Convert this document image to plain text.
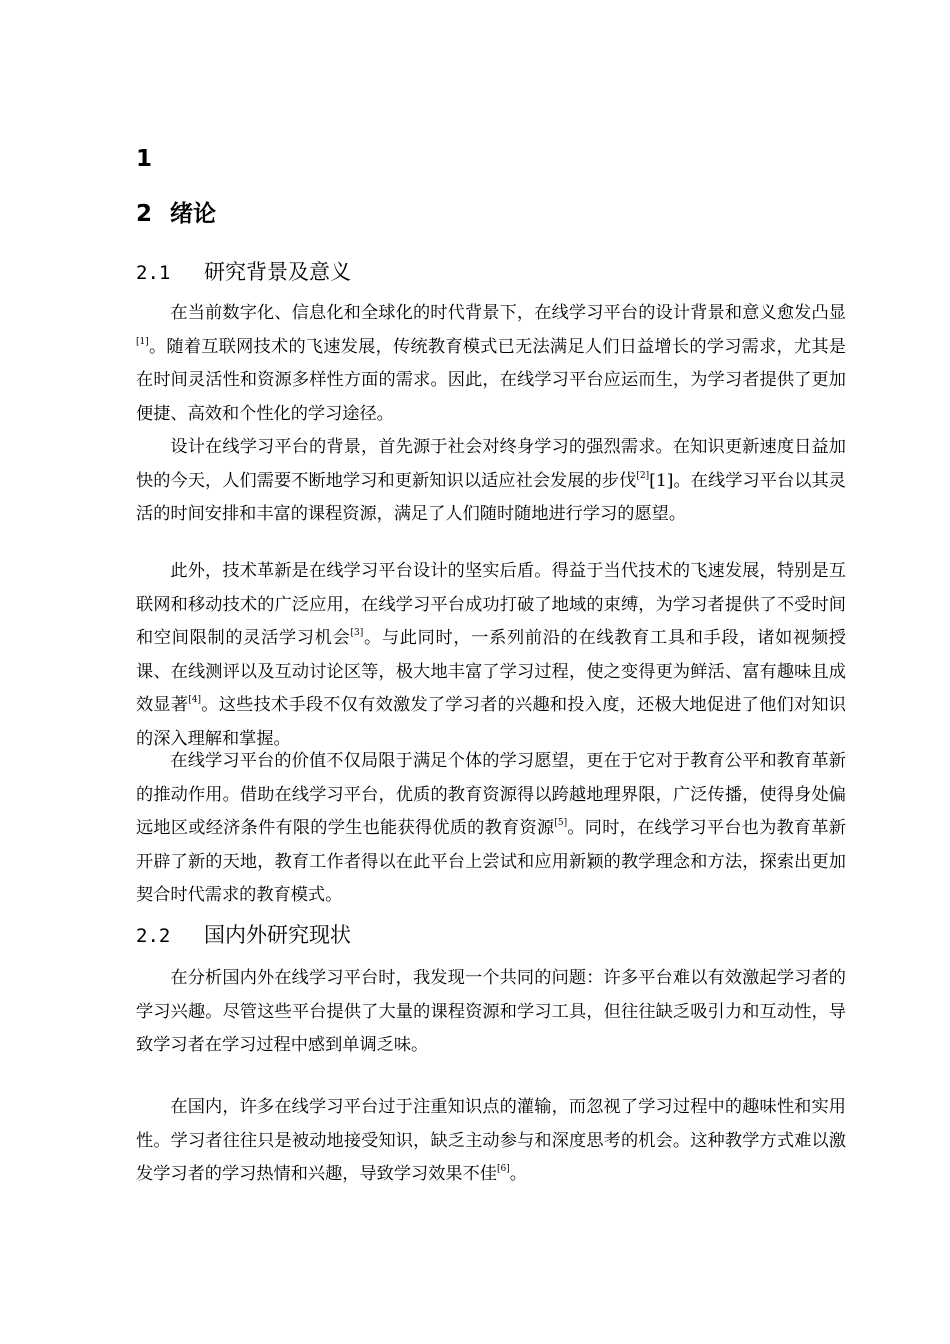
1
2 绪论
2.1 研究背景及意义

在当前数字化、信息化和全球化的时代背景下，在线学习平台的设计背景和意义愈发凸显[1]。随着互联网技术的飞速发展，传统教育模式已无法满足人们日益增长的学习需求，尤其是在时间灵活性和资源多样性方面的需求。因此，在线学习平台应运而生，为学习者提供了更加便捷、高效和个性化的学习途径。

设计在线学习平台的背景，首先源于社会对终身学习的强烈需求。在知识更新速度日益加快的今天，人们需要不断地学习和更新知识以适应社会发展的步伐[2][1]。在线学习平台以其灵活的时间安排和丰富的课程资源，满足了人们随时随地进行学习的愿望。

此外，技术革新是在线学习平台设计的坚实后盾。得益于当代技术的飞速发展，特别是互联网和移动技术的广泛应用，在线学习平台成功打破了地域的束缚，为学习者提供了不受时间和空间限制的灵活学习机会[3]。与此同时，一系列前沿的在线教育工具和手段，诸如视频授课、在线测评以及互动讨论区等，极大地丰富了学习过程，使之变得更为鲜活、富有趣味且成效显著[4]。这些技术手段不仅有效激发了学习者的兴趣和投入度，还极大地促进了他们对知识的深入理解和掌握。

在线学习平台的价值不仅局限于满足个体的学习愿望，更在于它对于教育公平和教育革新的推动作用。借助在线学习平台，优质的教育资源得以跨越地理界限，广泛传播，使得身处偏远地区或经济条件有限的学生也能获得优质的教育资源[5]。同时，在线学习平台也为教育革新开辟了新的天地，教育工作者得以在此平台上尝试和应用新颖的教学理念和方法，探索出更加契合时代需求的教育模式。

2.2 国内外研究现状

在分析国内外在线学习平台时，我发现一个共同的问题：许多平台难以有效激起学习者的学习兴趣。尽管这些平台提供了大量的课程资源和学习工具，但往往缺乏吸引力和互动性，导致学习者在学习过程中感到单调乏味。

在国内，许多在线学习平台过于注重知识点的灌输，而忽视了学习过程中的趣味性和实用性。学习者往往只是被动地接受知识，缺乏主动参与和深度思考的机会。这种教学方式难以激发学习者的学习热情和兴趣，导致学习效果不佳[6]。
